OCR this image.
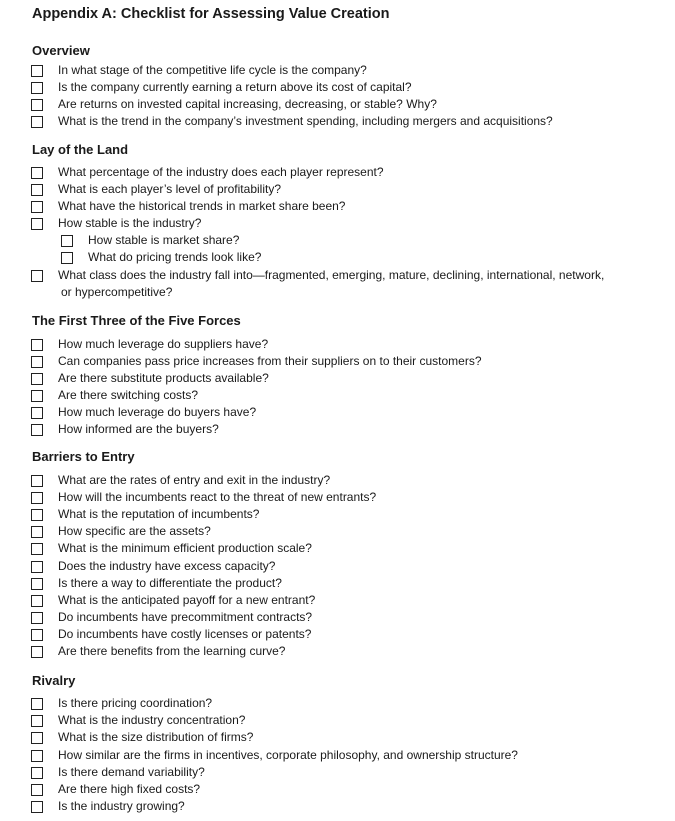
Appendix A: Checklist for Assessing Value Creation
Overview
In what stage of the competitive life cycle is the company?
Is the company currently earning a return above its cost of capital?
Are returns on invested capital increasing, decreasing, or stable? Why?
What is the trend in the company’s investment spending, including mergers and acquisitions?
Lay of the Land
What percentage of the industry does each player represent?
What is each player’s level of profitability?
What have the historical trends in market share been?
How stable is the industry?
How stable is market share?
What do pricing trends look like?
What class does the industry fall into—fragmented, emerging, mature, declining, international, network,
or hypercompetitive?
The First Three of the Five Forces
How much leverage do suppliers have?
Can companies pass price increases from their suppliers on to their customers?
Are there substitute products available?
Are there switching costs?
How much leverage do buyers have?
How informed are the buyers?
Barriers to Entry
What are the rates of entry and exit in the industry?
How will the incumbents react to the threat of new entrants?
What is the reputation of incumbents?
How specific are the assets?
What is the minimum efficient production scale?
Does the industry have excess capacity?
Is there a way to differentiate the product?
What is the anticipated payoff for a new entrant?
Do incumbents have precommitment contracts?
Do incumbents have costly licenses or patents?
Are there benefits from the learning curve?
Rivalry
Is there pricing coordination?
What is the industry concentration?
What is the size distribution of firms?
How similar are the firms in incentives, corporate philosophy, and ownership structure?
Is there demand variability?
Are there high fixed costs?
Is the industry growing?
